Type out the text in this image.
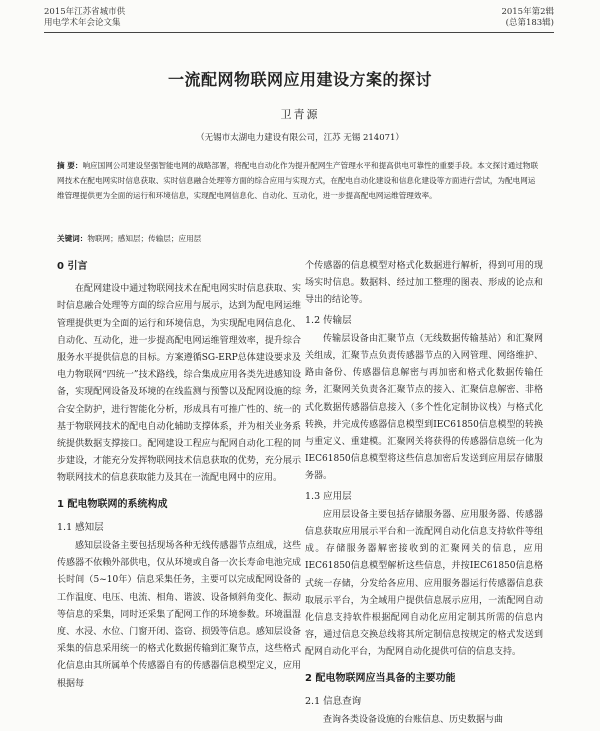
2015年江苏省城市供
用电学术年会论文集
2015年第2辑
(总第183辑)
一流配网物联网应用建设方案的探讨
卫青源
（无锡市太湖电力建设有限公司，江苏 无锡 214071）
摘 要：响应国网公司建设坚强智能电网的战略部署，将配电自动化作为提升配网生产管理水平和提高供电可靠性的重要手段。本文探讨通过物联网技术在配电网实时信息获取、实时信息融合处理等方面的综合应用与实现方式，在配电自动化建设和信息化建设等方面进行尝试，为配电网运维管理提供更为全面的运行和环境信息，实现配电网信息化、自动化、互动化，进一步提高配电网运维管理效率。
关键词：物联网；感知层；传输层；应用层
0 引言

在配网建设中通过物联网技术在配电网实时信息获取、实时信息融合处理等方面的综合应用与展示，达到为配电网运维管理提供更为全面的运行和环境信息，为实现配电网信息化、自动化、互动化，进一步提高配电网运维管理效率，提升综合服务水平提供信息的目标。方案遵循SG-ERP总体建设要求及电力物联网“四统一”技术路线，综合集成应用各类先进感知设备，实现配网设备及环境的在线监测与预警以及配网设施的综合安全防护，进行智能化分析，形成具有可推广性的、统一的基于物联网技术的配电自动化辅助支撑体系，并为相关业务系统提供数据支撑接口。配网建设工程应与配网自动化工程的同步建设，才能充分发挥物联网技术信息获取的优势，充分展示物联网技术的信息获取能力及其在一流配电网中的应用。

1 配电物联网的系统构成
1.1 感知层

感知层设备主要包括现场各种无线传感器节点组成，这些传感器不依赖外部供电，仅从环境或自备一次长寿命电池完成长时间（5~10年）信息采集任务，主要可以完成配网设备的工作温度、电压、电流、相角、谐波、设备倾斜角变化、振动等信息的采集，同时还采集了配网工作的环境参数。环境温湿度、水浸、水位、门窗开闭、盗窃、损毁等信息。感知层设备采集的信息采用统一的格式化数据传输到汇聚节点，这些格式化信息由其所属单个传感器自有的传感器信息模型定义，应用根据每

个传感器的信息模型对格式化数据进行解析，得到可用的现场实时信息。数据料、经过加工整理的图表、形成的论点和导出的结论等。

1.2 传输层

传输层设备由汇聚节点（无线数据传输基站）和汇聚网关组成，汇聚节点负责传感器节点的入网管理、网络维护、路由备份、传感器信息解密与再加密和格式化数据传输任务，汇聚网关负责各汇聚节点的接入、汇聚信息解密、非格式化数据传感器信息接入（多个性化定制协议栈）与格式化转换，并完成传感器信息模型到IEC61850信息模型的转换与重定义、重建模。汇聚网关将获得的传感器信息统一化为IEC61850信息模型将这些信息加密后发送到应用层存储服务器。

1.3 应用层

应用层设备主要包括存储服务器、应用服务器、传感器信息获取应用展示平台和一流配网自动化信息支持软件等组成。存储服务器解密接收到的汇聚网关的信息，应用IEC61850信息模型解析这些信息，并按IEC61850信息格式统一存储，分发给各应用、应用服务器运行传感器信息获取展示平台，为全域用户提供信息展示应用，一流配网自动化信息支持软件根据配网自动化应用定制其所需的信息内容，通过信息交换总线将其所定制信息按规定的格式发送到配网自动化平台，为配网自动化提供可信的信息支持。

2 配电物联网应当具备的主要功能
2.1 信息查询

查询各类设备设施的台账信息、历史数据与曲
